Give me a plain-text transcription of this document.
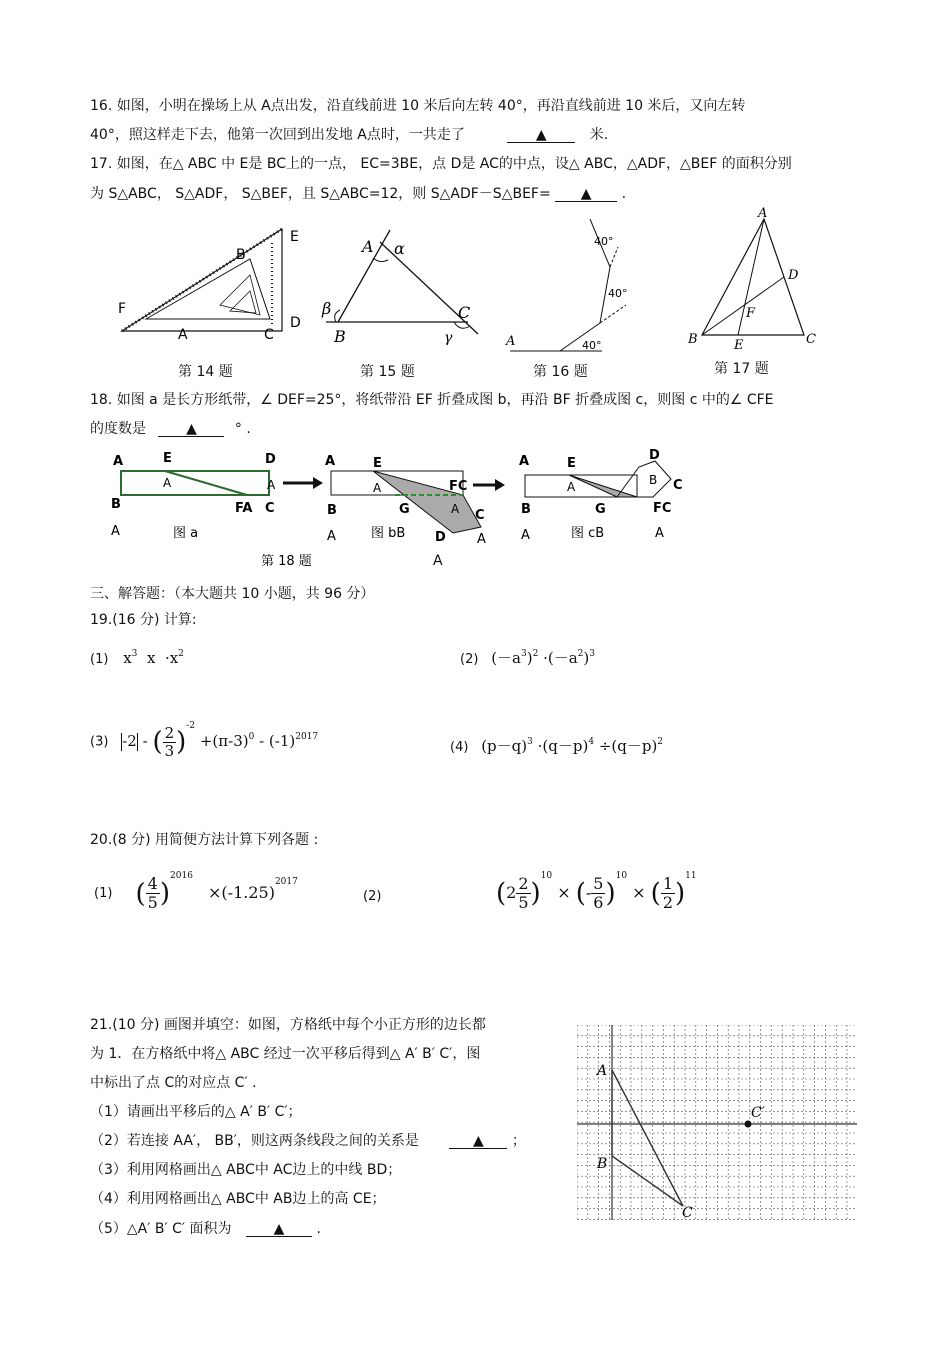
16. 如图，小明在操场上从 A点出发，沿直线前进 10 米后向左转 40°，再沿直线前进 10 米后，又向左转
40°，照这样走下去，他第一次回到出发地 A点时，一共走了	▲	米.
17. 如图，在△ ABC 中 E是 BC上的一点， EC=3BE，点 D是 AC的中点，设△ ABC，△ADF，△BEF 的面积分别
为 S△ABC， S△ADF， S△BEF，且 S△ABC=12，则 S△ADF－S△BEF= ▲ .
E
B
F
A	C
D
第 14 题
A α
β
B
C
γ
第 15 题
40°
40°
40°
A
第 16 题
A
D
F
B	E	C
第 17 题
18. 如图 a 是长方形纸带，∠ DEF=25°，将纸带沿 EF 折叠成图 b，再沿 BF 折叠成图 c，则图 c 中的∠ CFE
的度数是	▲	° .
A	E	D
A	A
B	FA C
A	图 a
A	E
A	FC
B	G	A C
A	图 bB D A
A	E
D
B C
A
B	G	FC
A	图 cB	A
第 18 题	A
三、解答题：（本大题共 10 小题，共 96 分）
19.(16 分) 计算:
(1) $x^3$  $x \cdot x^2$	(2) $(-a^3)^2 \cdot(-a^2)^3$
(3) -2 - ( $\frac{2}{3} )^{-2} +(\pi-3)^0 - (-1)^{2017}$
(4) $(p-q)^3 \cdot(q-p)^4 \div(q-p)^2$
20.(8 分) 用简便方法计算下列各题 :
(1) ( $\frac{4}{5} )^{2016} \times(-1.25)^{2017}$
(2)	$(2 \frac{2}{5} )^{10}$ × (- $\frac{5}{6} )^{10}$ × ( $\frac{1}{2} )^{11}$
21.(10 分) 画图并填空：如图，方格纸中每个小正方形的边长都
为 1．在方格纸中将△ ABC 经过一次平移后得到△ A′ B′ C′，图
中标出了点 C的对应点 C′ .
（1）请画出平移后的△ A′ B′ C′；
（2）若连接 AA′， BB′，则这两条线段之间的关系是	▲ ；
（3）利用网格画出△ ABC中 AC边上的中线 BD；
（4）利用网格画出△ ABC中 AB边上的高 CE；
（5）△A′ B′ C′ 面积为	▲ .
A
C′
B
C
